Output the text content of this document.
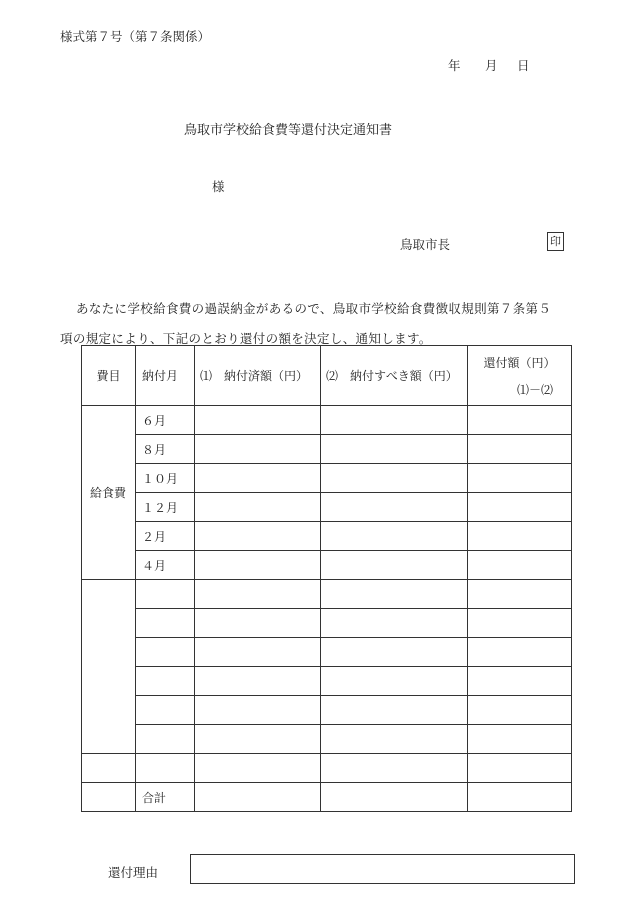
様式第７号（第７条関係）
年 月 日
鳥取市学校給食費等還付決定通知書
様
鳥取市長	印
あなたに学校給食費の過誤納金があるので、鳥取市学校給食費徴収規則第７条第５
項の規定により、下記のとおり還付の額を決定し、通知します。
費目	納付月	⑴　納付済額（円）	⑵　納付すべき額（円）	還付額（円）
⑴－⑵

給食費	６月			
	８月			
	１０月			
	１２月			
	２月			
	４月			

	合計			
還付理由
